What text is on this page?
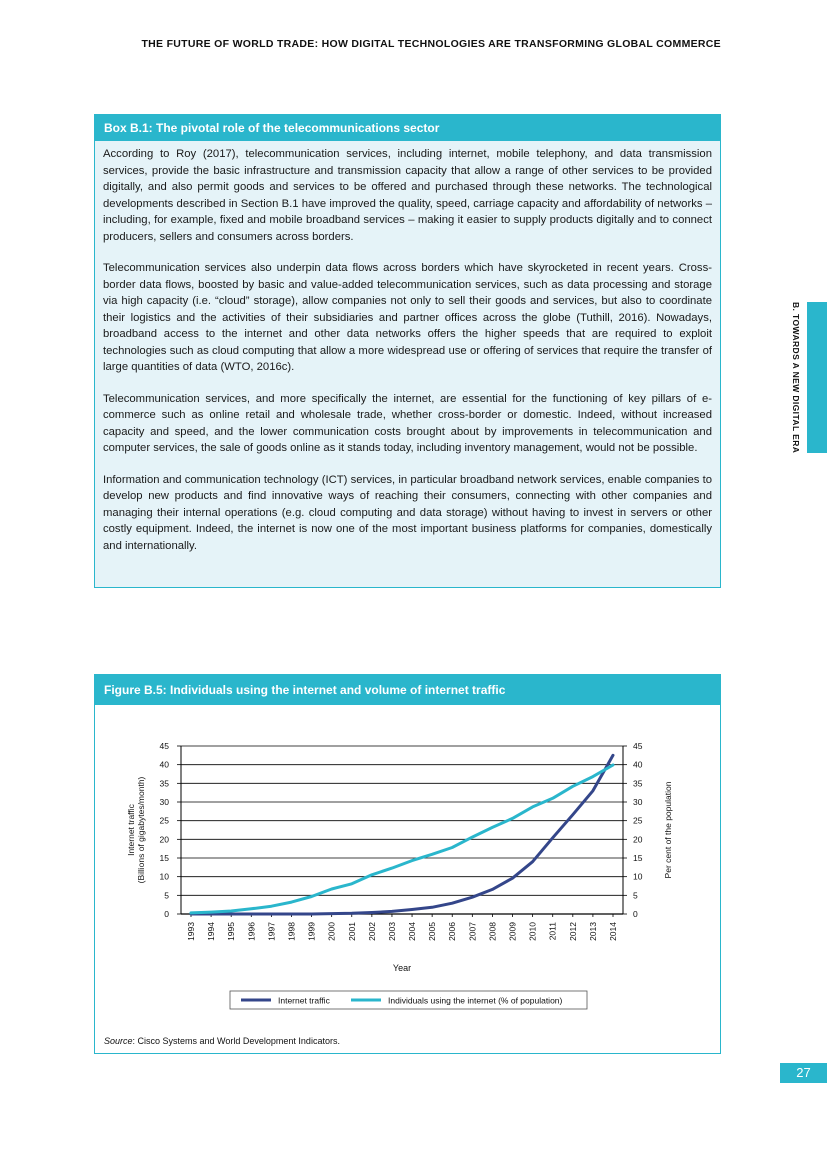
THE FUTURE OF WORLD TRADE: HOW DIGITAL TECHNOLOGIES ARE TRANSFORMING GLOBAL COMMERCE
B. TOWARDS A NEW DIGITAL ERA
Box B.1: The pivotal role of the telecommunications sector

According to Roy (2017), telecommunication services, including internet, mobile telephony, and data transmission services, provide the basic infrastructure and transmission capacity that allow a range of other services to be provided digitally, and also permit goods and services to be offered and purchased through these networks. The technological developments described in Section B.1 have improved the quality, speed, carriage capacity and affordability of networks – including, for example, fixed and mobile broadband services – making it easier to supply products digitally and to connect producers, sellers and consumers across borders.

Telecommunication services also underpin data flows across borders which have skyrocketed in recent years. Cross-border data flows, boosted by basic and value-added telecommunication services, such as data processing and storage via high capacity (i.e. “cloud” storage), allow companies not only to sell their goods and services, but also to coordinate their logistics and the activities of their subsidiaries and partner offices across the globe (Tuthill, 2016). Nowadays, broadband access to the internet and other data networks offers the higher speeds that are required to exploit technologies such as cloud computing that allow a more widespread use or offering of services that require the transfer of large quantities of data (WTO, 2016c).

Telecommunication services, and more specifically the internet, are essential for the functioning of key pillars of e-commerce such as online retail and wholesale trade, whether cross-border or domestic. Indeed, without increased capacity and speed, and the lower communication costs brought about by improvements in telecommunication and computer services, the sale of goods online as it stands today, including inventory management, would not be possible.

Information and communication technology (ICT) services, in particular broadband network services, enable companies to develop new products and find innovative ways of reaching their consumers, connecting with other companies and managing their internal operations (e.g. cloud computing and data storage) without having to invest in servers or other costly equipment. Indeed, the internet is now one of the most important business platforms for companies, domestically and internationally.

Figure B.5: Individuals using the internet and volume of internet traffic
0	0
5	5
10	10
15	15
20	20
25	25
30	30
35	35
40	40
45	45
1993 1994 1995 1996 1997 1998 1999 2000 2001 2002 2003 2004 2005 2006 2007 2008 2009 2010 2011 2012 2013 2014
Internet traffic (Billions of gigabytes/month)	Per cent of the population
Year
Internet traffic	Individuals using the internet (% of population)
Source: Cisco Systems and World Development Indicators.
27
